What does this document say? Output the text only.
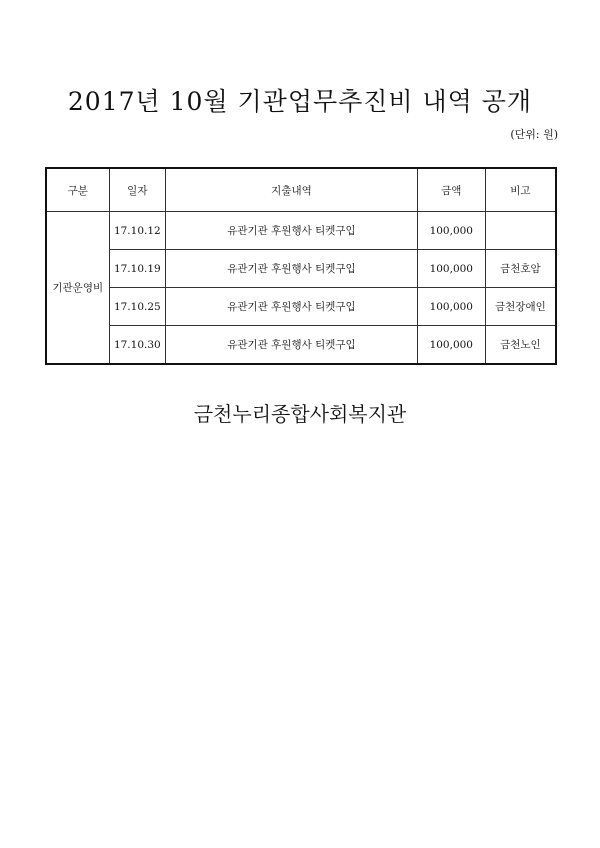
2017년 10월 기관업무추진비 내역 공개
(단위: 원)
구분	일자	지출내역	금액	비고
기관운영비	17.10.12	유관기관 후원행사 티켓구입	100,000	
	17.10.19	유관기관 후원행사 티켓구입	100,000	금천호암
	17.10.25	유관기관 후원행사 티켓구입	100,000	금천장애인
	17.10.30	유관기관 후원행사 티켓구입	100,000	금천노인
금천누리종합사회복지관
